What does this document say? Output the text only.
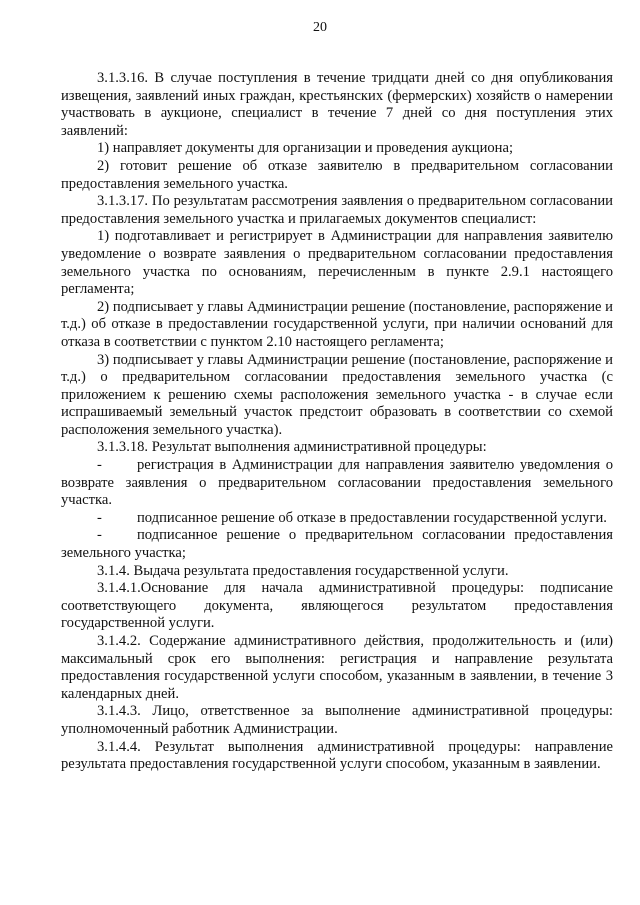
20

3.1.3.16. В случае поступления в течение тридцати дней со дня опубликования извещения, заявлений иных граждан, крестьянских (фермерских) хозяйств о намерении участвовать в аукционе, специалист в течение 7 дней со дня поступления этих заявлений:

1) направляет документы для организации и проведения аукциона;

2) готовит решение об отказе заявителю в предварительном согласовании предоставления земельного участка.

3.1.3.17. По результатам рассмотрения заявления о предварительном согласовании предоставления земельного участка и прилагаемых документов специалист:

1) подготавливает и регистрирует в Администрации для направления заявителю уведомление о возврате заявления о предварительном согласовании предоставления земельного участка по основаниям, перечисленным в пункте 2.9.1 настоящего регламента;

2) подписывает у главы Администрации решение (постановление, распоряжение и т.д.) об отказе в предоставлении государственной услуги, при наличии оснований для отказа в соответствии с пунктом 2.10 настоящего регламента;

3) подписывает у главы Администрации решение (постановление, распоряжение и т.д.) о предварительном согласовании предоставления земельного участка (с приложением к решению схемы расположения земельного участка - в случае если испрашиваемый земельный участок предстоит образовать в соответствии со схемой расположения земельного участка).

3.1.3.18. Результат выполнения административной процедуры:

- регистрация в Администрации для направления заявителю уведомления о возврате заявления о предварительном согласовании предоставления земельного участка.

- подписанное решение об отказе в предоставлении государственной услуги.

- подписанное решение о предварительном согласовании предоставления земельного участка;

3.1.4. Выдача результата предоставления государственной услуги.

3.1.4.1.Основание для начала административной процедуры: подписание соответствующего документа, являющегося результатом предоставления государственной услуги.

3.1.4.2. Содержание административного действия, продолжительность и (или) максимальный срок его выполнения: регистрация и направление результата предоставления государственной услуги способом, указанным в заявлении, в течение 3 календарных дней.

3.1.4.3. Лицо, ответственное за выполнение административной процедуры: уполномоченный работник Администрации.

3.1.4.4. Результат выполнения административной процедуры: направление результата предоставления государственной услуги способом, указанным в заявлении.
